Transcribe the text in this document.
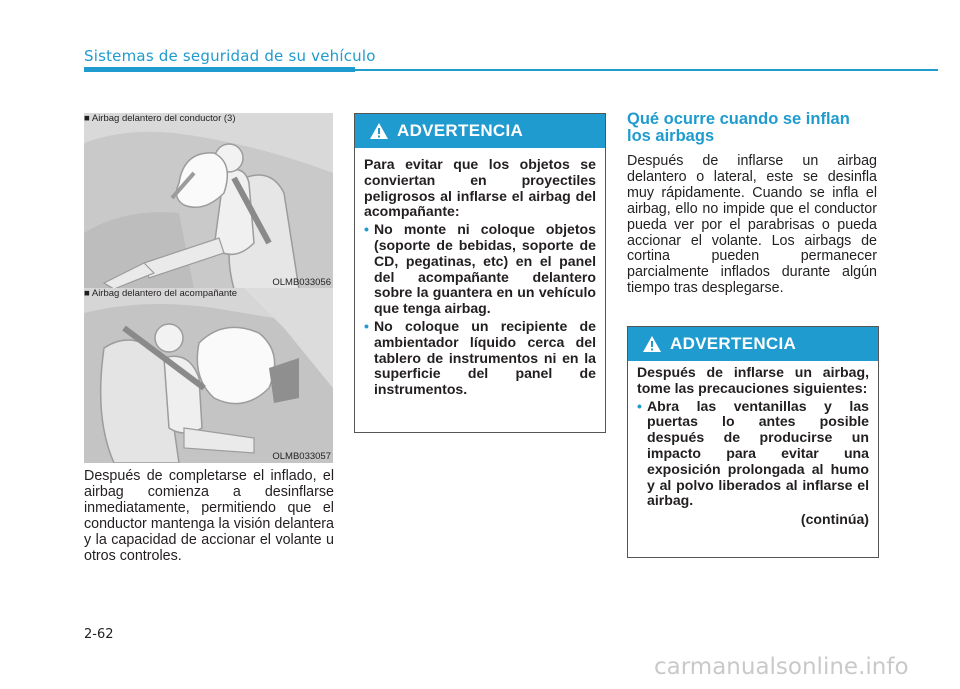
Sistemas de seguridad de su vehículo
■ Airbag delantero del conductor (3)
OLMB033056
■ Airbag delantero del acompañante
OLMB033057

Después de completarse el inflado, el airbag comienza a desinflarse inmediatamente, permitiendo que el conductor mantenga la visión delantera y la capacidad de accionar el volante u otros controles.

ADVERTENCIA

Para evitar que los objetos se conviertan en proyectiles peligrosos al inflarse el airbag del acompañante:

• No monte ni coloque objetos (soporte de bebidas, soporte de CD, pegatinas, etc) en el panel del acompañante delantero sobre la guantera en un vehículo que tenga airbag.
• No coloque un recipiente de ambientador líquido cerca del tablero de instrumentos ni en la superficie del panel de instrumentos.
Qué ocurre cuando se inflan los airbags

Después de inflarse un airbag delantero o lateral, este se desinfla muy rápidamente. Cuando se infla el airbag, ello no impide que el conductor pueda ver por el parabrisas o pueda accionar el volante. Los airbags de cortina pueden permanecer parcialmente inflados durante algún tiempo tras desplegarse.

ADVERTENCIA

Después de inflarse un airbag, tome las precauciones siguientes:

• Abra las ventanillas y las puertas lo antes posible después de producirse un impacto para evitar una exposición prolongada al humo y al polvo liberados al inflarse el airbag.

(continúa)

2-62
carmanualsonline.info
